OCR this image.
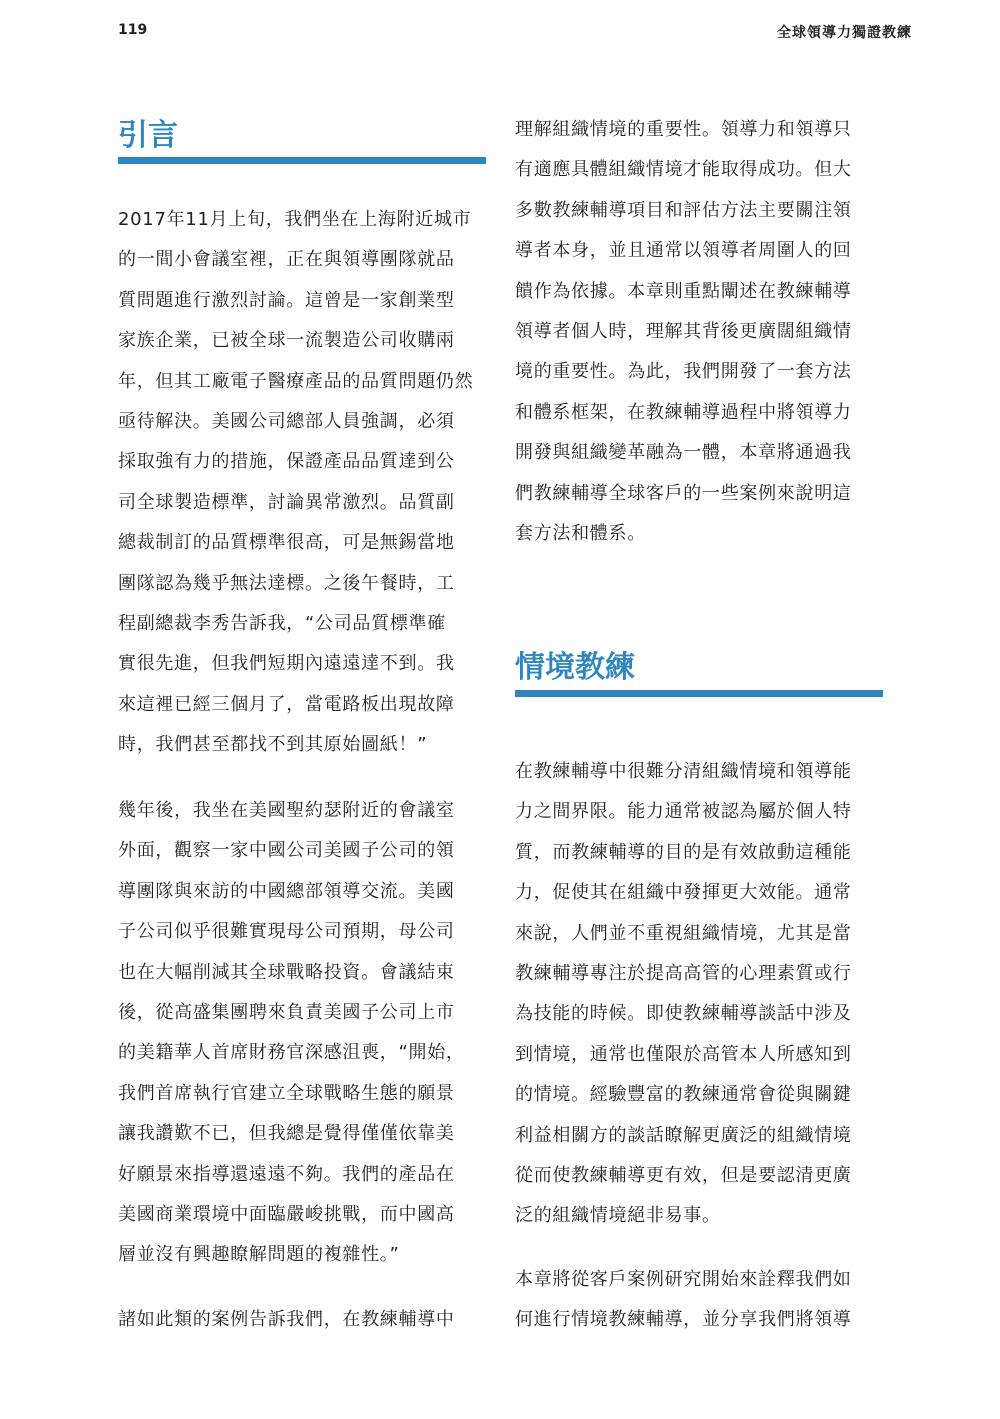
119	全球領導力獨證教練
引言
2017年11月上旬，我們坐在上海附近城市
的一間小會議室裡，正在與領導團隊就品
質問題進行激烈討論。這曾是一家創業型
家族企業，已被全球一流製造公司收購兩
年，但其工廠電子醫療產品的品質問題仍然
亟待解決。美國公司總部人員強調，必須
採取強有力的措施，保證產品品質達到公
司全球製造標準，討論異常激烈。品質副
總裁制訂的品質標準很高，可是無錫當地
團隊認為幾乎無法達標。之後午餐時，工
程副總裁李秀告訴我，“公司品質標準確
實很先進，但我們短期內遠遠達不到。我
來這裡已經三個月了，當電路板出現故障
時，我們甚至都找不到其原始圖紙！”
幾年後，我坐在美國聖約瑟附近的會議室
外面，觀察一家中國公司美國子公司的領
導團隊與來訪的中國總部領導交流。美國
子公司似乎很難實現母公司預期，母公司
也在大幅削減其全球戰略投資。會議結束
後，從高盛集團聘來負責美國子公司上市
的美籍華人首席財務官深感沮喪，“開始，
我們首席執行官建立全球戰略生態的願景
讓我讚歎不已，但我總是覺得僅僅依靠美
好願景來指導還遠遠不夠。我們的產品在
美國商業環境中面臨嚴峻挑戰，而中國高
層並沒有興趣瞭解問題的複雜性。”
諸如此類的案例告訴我們，在教練輔導中
理解組織情境的重要性。領導力和領導只
有適應具體組織情境才能取得成功。但大
多數教練輔導項目和評估方法主要關注領
導者本身，並且通常以領導者周圍人的回
饋作為依據。本章則重點闡述在教練輔導
領導者個人時，理解其背後更廣闊組織情
境的重要性。為此，我們開發了一套方法
和體系框架，在教練輔導過程中將領導力
開發與組織變革融為一體，本章將通過我
們教練輔導全球客戶的一些案例來說明這
套方法和體系。
情境教練
在教練輔導中很難分清組織情境和領導能
力之間界限。能力通常被認為屬於個人特
質，而教練輔導的目的是有效啟動這種能
力，促使其在組織中發揮更大效能。通常
來說，人們並不重視組織情境，尤其是當
教練輔導專注於提高高管的心理素質或行
為技能的時候。即使教練輔導談話中涉及
到情境，通常也僅限於高管本人所感知到
的情境。經驗豐富的教練通常會從與關鍵
利益相關方的談話瞭解更廣泛的組織情境
從而使教練輔導更有效，但是要認清更廣
泛的組織情境絕非易事。
本章將從客戶案例研究開始來詮釋我們如
何進行情境教練輔導，並分享我們將領導
